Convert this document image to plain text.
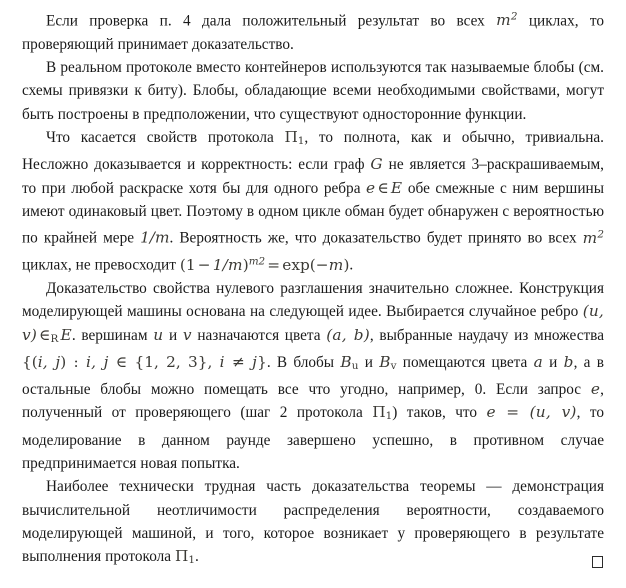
Если проверка п. 4 дала положительный результат во всех $m^2$ циклах, то проверяющий принимает доказательство.

В реальном протоколе вместо контейнеров используются так называемые блобы (см. схемы привязки к биту). Блобы, обладающие всеми необходимыми свойствами, могут быть построены в предположении, что существуют односторонние функции.

Что касается свойств протокола $\Pi_1$, то полнота, как и обычно, тривиальна. Несложно доказывается и корректность: если граф G не является 3–раскрашиваемым, то при любой раскраске хотя бы для одного ребра e ∈ E обе смежные с ним вершины имеют одинаковый цвет. Поэтому в одном цикле обман будет обнаружен с вероятностью по крайней мере 1/m. Вероятность же, что доказательство будет принято во всех $m^2$ циклах, не превосходит $(1 - 1/m)^{m2} = \exp(-m)$.

Доказательство свойства нулевого разглашения значительно сложнее. Конструкция моделирующей машины основана на следующей идее. Выбирается случайное ребро (u, v) $\in_R$ E. вершинам u и v назначаются цвета (a, b), выбранные наудачу из множества {(i, j) : i, j ∈ {1, 2, 3}, i ≠ j}. В блобы $B_u$ и $B_v$ помещаются цвета a и b, а в остальные блобы можно помещать все что угодно, например, 0. Если запрос e, полученный от проверяющего (шаг 2 протокола $\Pi_1$) таков, что e = (u, v), то моделирование в данном раунде завершено успешно, в противном случае предпринимается новая попытка.

Наиболее технически трудная часть доказательства теоремы — демонстрация вычислительной неотличимости распределения вероятности, создаваемого моделирующей машиной, и того, которое возникает у проверяющего в результате выполнения протокола $\Pi_1$.
